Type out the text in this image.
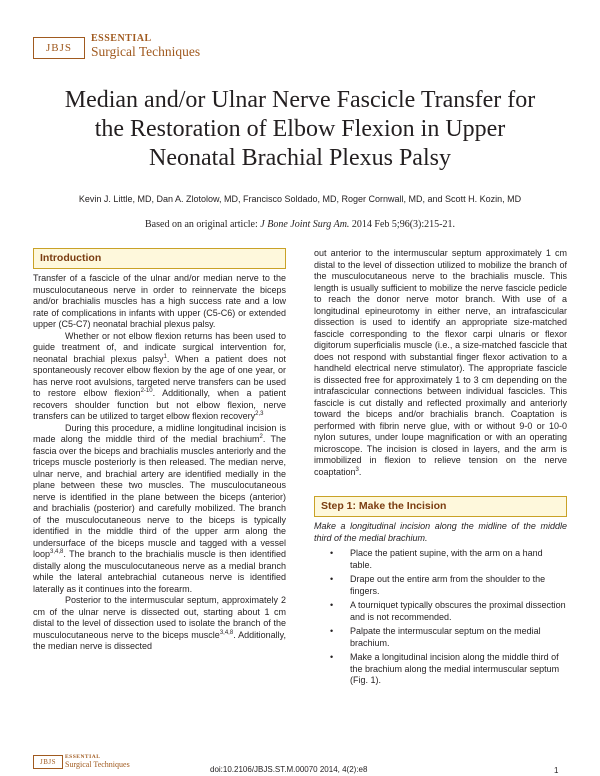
JBJS
ESSENTIAL
Surgical Techniques
Median and/or Ulnar Nerve Fascicle Transfer for
the Restoration of Elbow Flexion in Upper
Neonatal Brachial Plexus Palsy
Kevin J. Little, MD, Dan A. Zlotolow, MD, Francisco Soldado, MD, Roger Cornwall, MD, and Scott H. Kozin, MD
Based on an original article: J Bone Joint Surg Am. 2014 Feb 5;96(3):215-21.
Introduction

Transfer of a fascicle of the ulnar and/or median nerve to the musculocutaneous nerve in order to reinnervate the biceps and/or brachialis muscles has a high success rate and a low rate of complications in infants with upper (C5-C6) or extended upper (C5-C7) neonatal brachial plexus palsy.

Whether or not elbow flexion returns has been used to guide treatment of, and indicate surgical intervention for, neonatal brachial plexus palsy$^1$. When a patient does not spontaneously recover elbow flexion by the age of one year, or has nerve root avulsions, targeted nerve transfers can be used to restore elbow flexion$^{2-10}$. Additionally, when a patient recovers shoulder function but not elbow flexion, nerve transfers can be utilized to target elbow flexion recovery$^{2,3}$

During this procedure, a midline longitudinal incision is made along the middle third of the medial brachium$^2$. The fascia over the biceps and brachialis muscles anteriorly and the triceps muscle posteriorly is then released. The median nerve, ulnar nerve, and brachial artery are identified medially in the plane between these two muscles. The musculocutaneous nerve is identified in the plane between the biceps (anterior) and brachialis (posterior) and carefully mobilized. The branch of the musculocutaneous nerve to the biceps is typically identified in the middle third of the upper arm along the undersurface of the biceps muscle and tagged with a vessel loop$^{3,4,8}$. The branch to the brachialis muscle is then identified distally along the musculocutaneous nerve as a medial branch while the lateral antebrachial cutaneous nerve is identified laterally as it continues into the forearm.

Posterior to the intermuscular septum, approximately 2 cm of the ulnar nerve is dissected out, starting about 1 cm distal to the level of dissection used to isolate the branch of the musculocutaneous nerve to the biceps muscle$^{3,4,8}$. Additionally, the median nerve is dissected

out anterior to the intermuscular septum approximately 1 cm distal to the level of dissection utilized to mobilize the branch of the musculocutaneous nerve to the brachialis muscle. This length is usually sufficient to mobilize the nerve fascicle pedicle to reach the donor nerve motor branch. With use of a longitudinal epineurotomy in either nerve, an intrafascicular dissection is used to identify an appropriate size-matched fascicle corresponding to the flexor carpi ulnaris or flexor digitorum superficialis muscle (i.e., a size-matched fascicle that does not respond with substantial finger flexor activation to a handheld electrical nerve stimulator). The appropriate fascicle is dissected free for approximately 1 to 3 cm depending on the intrafascicular connections between individual fascicles. This fascicle is cut distally and reflected proximally and anteriorly toward the biceps and/or brachialis branch. Coaptation is performed with fibrin nerve glue, with or without 9-0 or 10-0 nylon sutures, under loupe magnification or with an operating microscope. The incision is closed in layers, and the arm is immobilized in flexion to relieve tension on the nerve coaptation$^3$.

Step 1: Make the Incision

Make a longitudinal incision along the midline of the middle third of the medial brachium.

• Place the patient supine, with the arm on a hand table.
• Drape out the entire arm from the shoulder to the fingers.
• A tourniquet typically obscures the proximal dissection and is not recommended.
• Palpate the intermuscular septum on the medial brachium.
• Make a longitudinal incision along the middle third of the brachium along the medial intermuscular septum (Fig. 1).
JBJS
ESSENTIAL
Surgical Techniques
doi:10.2106/JBJS.ST.M.00070 2014, 4(2):e8	1
